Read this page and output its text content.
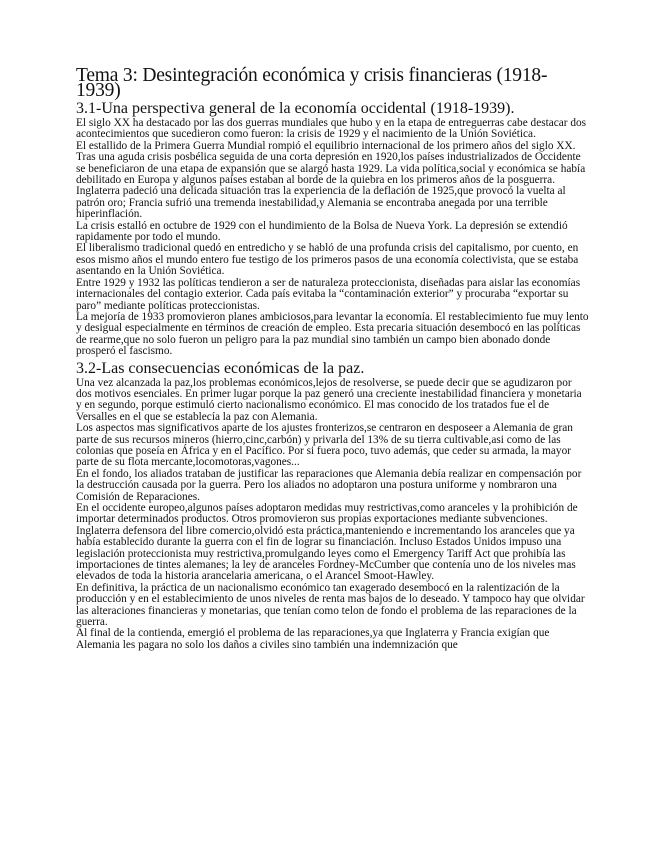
Tema 3: Desintegración económica y crisis financieras (1918-1939)
3.1-Una perspectiva general de la economía occidental (1918-1939).

El siglo XX ha destacado por las dos guerras mundiales que hubo y en la etapa de entreguerras cabe destacar dos acontecimientos que sucedieron como fueron: la crisis de 1929 y el nacimiento de la Unión Soviética.

El estallido de la Primera Guerra Mundial rompió el equilibrio internacional de los primero años del siglo XX. Tras una aguda crisis posbélica seguida de una corta depresión en 1920,los países industrializados de Occidente se beneficiaron de una etapa de expansión que se alargó hasta 1929. La vida política,social y económica se había debilitado en Europa y algunos países estaban al borde de la quiebra en los primeros años de la posguerra.

Inglaterra padeció una delicada situación tras la experiencia de la deflación de 1925,que provocó la vuelta al patrón oro; Francia sufrió una tremenda inestabilidad,y Alemania se encontraba anegada por una terrible hiperinflación.

La crisis estalló en octubre de 1929 con el hundimiento de la Bolsa de Nueva York. La depresión se extendió rapidamente por todo el mundo.

El liberalismo tradicional quedó en entredicho y se habló de una profunda crisis del capitalismo, por cuento, en esos mismo años el mundo entero fue testigo de los primeros pasos de una economía colectivista, que se estaba asentando en la Unión Soviética.

Entre 1929 y 1932 las políticas tendieron a ser de naturaleza proteccionista, diseñadas para aislar las economías internacionales del contagio exterior. Cada país evitaba la “contaminación exterior” y procuraba “exportar su paro” mediante políticas proteccionistas.

La mejoría de 1933 promovieron planes ambiciosos,para levantar la economía. El restablecimiento fue muy lento y desigual especialmente en términos de creación de empleo. Esta precaria situación desembocó en las políticas de rearme,que no solo fueron un peligro para la paz mundial sino también un campo bien abonado donde prosperó el fascismo.

3.2-Las consecuencias económicas de la paz.

Una vez alcanzada la paz,los problemas económicos,lejos de resolverse, se puede decir que se agudizaron por dos motivos esenciales. En primer lugar porque la paz generó una creciente inestabilidad financiera y monetaria y en segundo, porque estimuló cierto nacionalismo económico. El mas conocido de los tratados fue el de Versalles en el que se establecía la paz con Alemania.

Los aspectos mas significativos aparte de los ajustes fronterizos,se centraron en desposeer a Alemania de gran parte de sus recursos mineros (hierro,cinc,carbón) y privarla del 13% de su tierra cultivable,asi como de las colonias que poseía en África y en el Pacífico. Por si fuera poco, tuvo además, que ceder su armada, la mayor parte de su flota mercante,locomotoras,vagones...

En el fondo, los aliados trataban de justificar las reparaciones que Alemania debía realizar en compensación por la destrucción causada por la guerra. Pero los aliados no adoptaron una postura uniforme y nombraron una Comisión de Reparaciones.

En el occidente europeo,algunos países adoptaron medidas muy restrictivas,como aranceles y la prohibición de importar determinados productos. Otros promovieron sus propias exportaciones mediante subvenciones.

Inglaterra defensora del libre comercio,olvidó esta práctica,manteniendo e incrementando los aranceles que ya había establecido durante la guerra con el fin de lograr su financiación. Incluso Estados Unidos impuso una legislación proteccionista muy restrictiva,promulgando leyes como el Emergency Tariff Act que prohibía las importaciones de tintes alemanes; la ley de aranceles Fordney-McCumber que contenía uno de los niveles mas elevados de toda la historia arancelaria americana, o el Arancel Smoot-Hawley.

En definitiva, la práctica de un nacionalismo económico tan exagerado desembocó en la ralentización de la producción y en el establecimiento de unos niveles de renta mas bajos de lo deseado. Y tampoco hay que olvidar las alteraciones financieras y monetarias, que tenían como telon de fondo el problema de las reparaciones de la guerra.

Al final de la contienda, emergió el problema de las reparaciones,ya que Inglaterra y Francia exigían que Alemania les pagara no solo los daños a civiles sino también una indemnización que
